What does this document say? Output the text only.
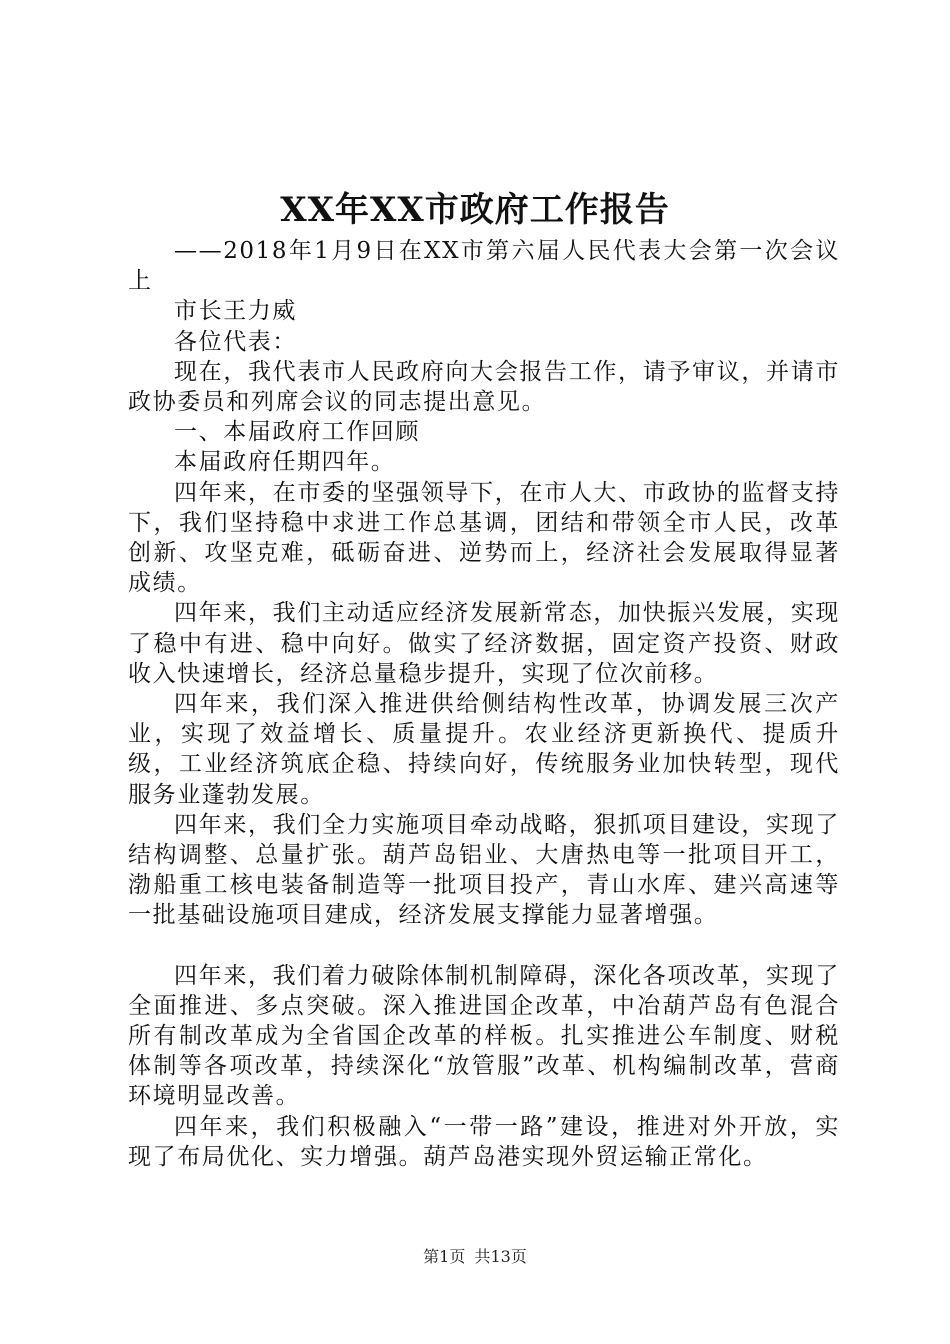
XX年XX市政府工作报告

——2018年1月9日在XX市第六届人民代表大会第一次会议上

市长王力威

各位代表：

现在，我代表市人民政府向大会报告工作，请予审议，并请市政协委员和列席会议的同志提出意见。

一、本届政府工作回顾

本届政府任期四年。

四年来，在市委的坚强领导下，在市人大、市政协的监督支持下，我们坚持稳中求进工作总基调，团结和带领全市人民，改革创新、攻坚克难，砥砺奋进、逆势而上，经济社会发展取得显著成绩。

四年来，我们主动适应经济发展新常态，加快振兴发展，实现了稳中有进、稳中向好。做实了经济数据，固定资产投资、财政收入快速增长，经济总量稳步提升，实现了位次前移。

四年来，我们深入推进供给侧结构性改革，协调发展三次产业，实现了效益增长、质量提升。农业经济更新换代、提质升级，工业经济筑底企稳、持续向好，传统服务业加快转型，现代服务业蓬勃发展。

四年来，我们全力实施项目牵动战略，狠抓项目建设，实现了结构调整、总量扩张。葫芦岛铝业、大唐热电等一批项目开工，渤船重工核电装备制造等一批项目投产，青山水库、建兴高速等一批基础设施项目建成，经济发展支撑能力显著增强。

四年来，我们着力破除体制机制障碍，深化各项改革，实现了全面推进、多点突破。深入推进国企改革，中冶葫芦岛有色混合所有制改革成为全省国企改革的样板。扎实推进公车制度、财税体制等各项改革，持续深化“放管服”改革、机构编制改革，营商环境明显改善。

四年来，我们积极融入“一带一路”建设，推进对外开放，实现了布局优化、实力增强。葫芦岛港实现外贸运输正常化。

第1页 共13页
